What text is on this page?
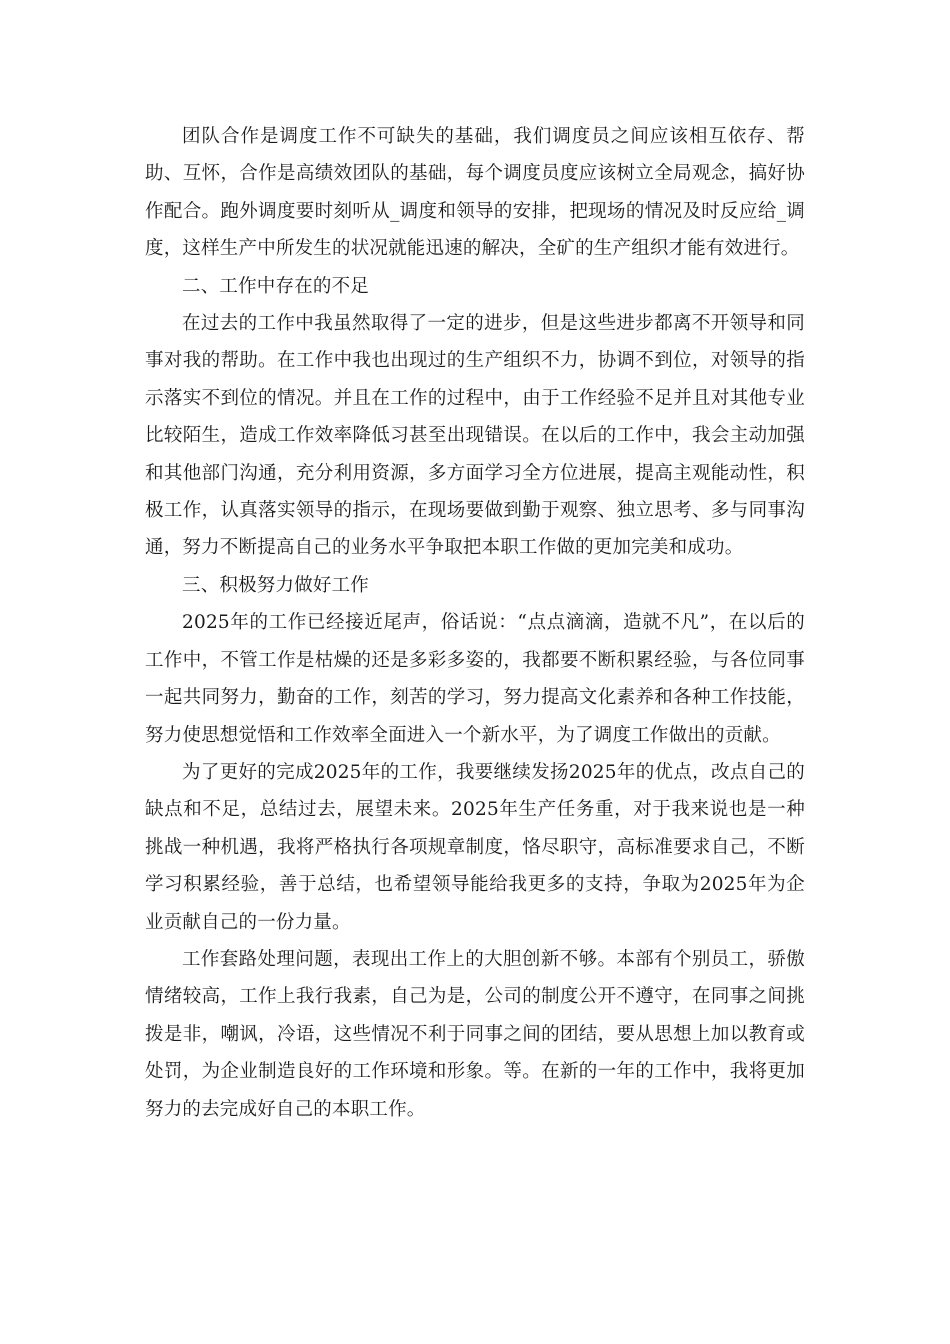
团队合作是调度工作不可缺失的基础，我们调度员之间应该相互依存、帮助、互怀，合作是高绩效团队的基础，每个调度员度应该树立全局观念，搞好协作配合。跑外调度要时刻听从_调度和领导的安排，把现场的情况及时反应给_调度，这样生产中所发生的状况就能迅速的解决，全矿的生产组织才能有效进行。

二、工作中存在的不足

在过去的工作中我虽然取得了一定的进步，但是这些进步都离不开领导和同事对我的帮助。在工作中我也出现过的生产组织不力，协调不到位，对领导的指示落实不到位的情况。并且在工作的过程中，由于工作经验不足并且对其他专业比较陌生，造成工作效率降低习甚至出现错误。在以后的工作中，我会主动加强和其他部门沟通，充分利用资源，多方面学习全方位进展，提高主观能动性，积极工作，认真落实领导的指示，在现场要做到勤于观察、独立思考、多与同事沟通，努力不断提高自己的业务水平争取把本职工作做的更加完美和成功。

三、积极努力做好工作

2025年的工作已经接近尾声，俗话说：“点点滴滴，造就不凡”，在以后的工作中，不管工作是枯燥的还是多彩多姿的，我都要不断积累经验，与各位同事一起共同努力，勤奋的工作，刻苦的学习，努力提高文化素养和各种工作技能，努力使思想觉悟和工作效率全面进入一个新水平，为了调度工作做出的贡献。

为了更好的完成2025年的工作，我要继续发扬2025年的优点，改点自己的缺点和不足，总结过去，展望未来。2025年生产任务重，对于我来说也是一种挑战一种机遇，我将严格执行各项规章制度，恪尽职守，高标准要求自己，不断学习积累经验，善于总结，也希望领导能给我更多的支持，争取为2025年为企业贡献自己的一份力量。

工作套路处理问题，表现出工作上的大胆创新不够。本部有个别员工，骄傲情绪较高，工作上我行我素，自己为是，公司的制度公开不遵守，在同事之间挑拨是非，嘲讽，冷语，这些情况不利于同事之间的团结，要从思想上加以教育或处罚，为企业制造良好的工作环境和形象。等。在新的一年的工作中，我将更加努力的去完成好自己的本职工作。
